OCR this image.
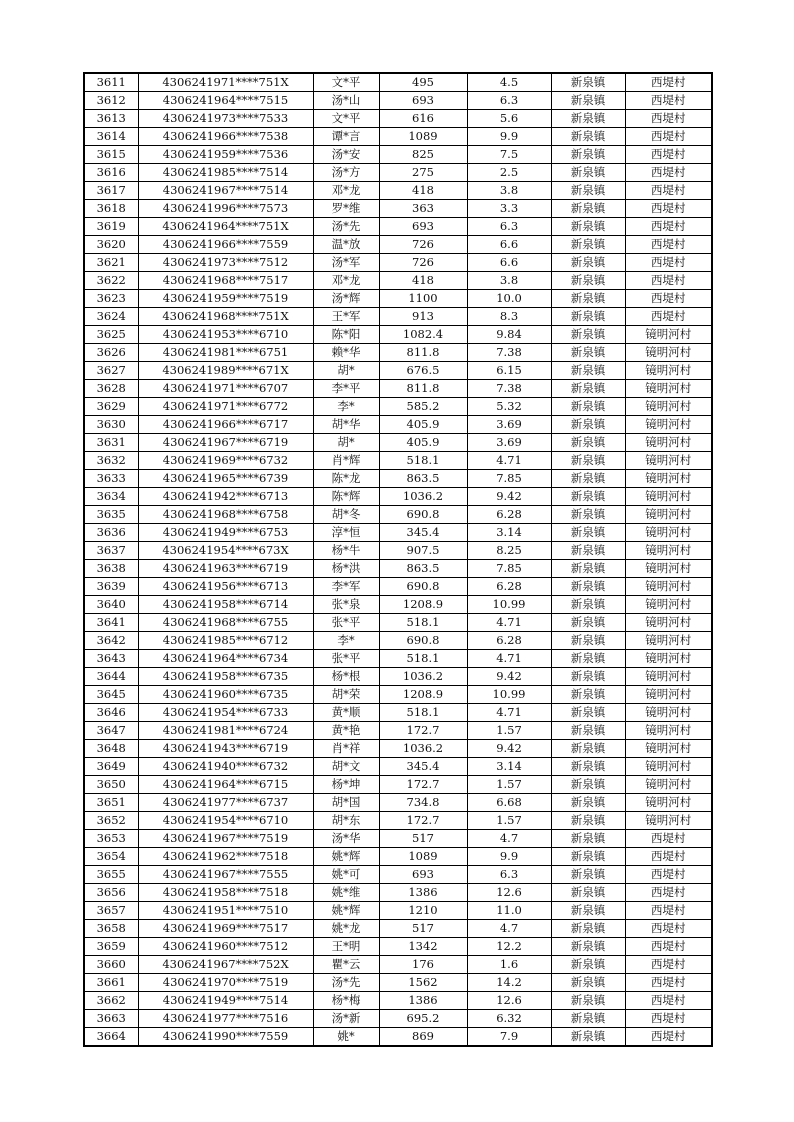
3611	4306241971****751X	文*平	495	4.5	新泉镇	西堤村
3612	4306241964****7515	汤*山	693	6.3	新泉镇	西堤村
3613	4306241973****7533	文*平	616	5.6	新泉镇	西堤村
3614	4306241966****7538	谭*言	1089	9.9	新泉镇	西堤村
3615	4306241959****7536	汤*安	825	7.5	新泉镇	西堤村
3616	4306241985****7514	汤*方	275	2.5	新泉镇	西堤村
3617	4306241967****7514	邓*龙	418	3.8	新泉镇	西堤村
3618	4306241996****7573	罗*维	363	3.3	新泉镇	西堤村
3619	4306241964****751X	汤*先	693	6.3	新泉镇	西堤村
3620	4306241966****7559	温*放	726	6.6	新泉镇	西堤村
3621	4306241973****7512	汤*军	726	6.6	新泉镇	西堤村
3622	4306241968****7517	邓*龙	418	3.8	新泉镇	西堤村
3623	4306241959****7519	汤*辉	1100	10.0	新泉镇	西堤村
3624	4306241968****751X	王*军	913	8.3	新泉镇	西堤村
3625	4306241953****6710	陈*阳	1082.4	9.84	新泉镇	镜明河村
3626	4306241981****6751	赖*华	811.8	7.38	新泉镇	镜明河村
3627	4306241989****671X	胡*	676.5	6.15	新泉镇	镜明河村
3628	4306241971****6707	李*平	811.8	7.38	新泉镇	镜明河村
3629	4306241971****6772	李*	585.2	5.32	新泉镇	镜明河村
3630	4306241966****6717	胡*华	405.9	3.69	新泉镇	镜明河村
3631	4306241967****6719	胡*	405.9	3.69	新泉镇	镜明河村
3632	4306241969****6732	肖*辉	518.1	4.71	新泉镇	镜明河村
3633	4306241965****6739	陈*龙	863.5	7.85	新泉镇	镜明河村
3634	4306241942****6713	陈*辉	1036.2	9.42	新泉镇	镜明河村
3635	4306241968****6758	胡*冬	690.8	6.28	新泉镇	镜明河村
3636	4306241949****6753	淳*恒	345.4	3.14	新泉镇	镜明河村
3637	4306241954****673X	杨*牛	907.5	8.25	新泉镇	镜明河村
3638	4306241963****6719	杨*洪	863.5	7.85	新泉镇	镜明河村
3639	4306241956****6713	李*军	690.8	6.28	新泉镇	镜明河村
3640	4306241958****6714	张*泉	1208.9	10.99	新泉镇	镜明河村
3641	4306241968****6755	张*平	518.1	4.71	新泉镇	镜明河村
3642	4306241985****6712	李*	690.8	6.28	新泉镇	镜明河村
3643	4306241964****6734	张*平	518.1	4.71	新泉镇	镜明河村
3644	4306241958****6735	杨*根	1036.2	9.42	新泉镇	镜明河村
3645	4306241960****6735	胡*荣	1208.9	10.99	新泉镇	镜明河村
3646	4306241954****6733	黄*顺	518.1	4.71	新泉镇	镜明河村
3647	4306241981****6724	黄*艳	172.7	1.57	新泉镇	镜明河村
3648	4306241943****6719	肖*祥	1036.2	9.42	新泉镇	镜明河村
3649	4306241940****6732	胡*文	345.4	3.14	新泉镇	镜明河村
3650	4306241964****6715	杨*坤	172.7	1.57	新泉镇	镜明河村
3651	4306241977****6737	胡*国	734.8	6.68	新泉镇	镜明河村
3652	4306241954****6710	胡*东	172.7	1.57	新泉镇	镜明河村
3653	4306241967****7519	汤*华	517	4.7	新泉镇	西堤村
3654	4306241962****7518	姚*辉	1089	9.9	新泉镇	西堤村
3655	4306241967****7555	姚*可	693	6.3	新泉镇	西堤村
3656	4306241958****7518	姚*维	1386	12.6	新泉镇	西堤村
3657	4306241951****7510	姚*辉	1210	11.0	新泉镇	西堤村
3658	4306241969****7517	姚*龙	517	4.7	新泉镇	西堤村
3659	4306241960****7512	王*明	1342	12.2	新泉镇	西堤村
3660	4306241967****752X	瞿*云	176	1.6	新泉镇	西堤村
3661	4306241970****7519	汤*先	1562	14.2	新泉镇	西堤村
3662	4306241949****7514	杨*梅	1386	12.6	新泉镇	西堤村
3663	4306241977****7516	汤*新	695.2	6.32	新泉镇	西堤村
3664	4306241990****7559	姚*	869	7.9	新泉镇	西堤村
